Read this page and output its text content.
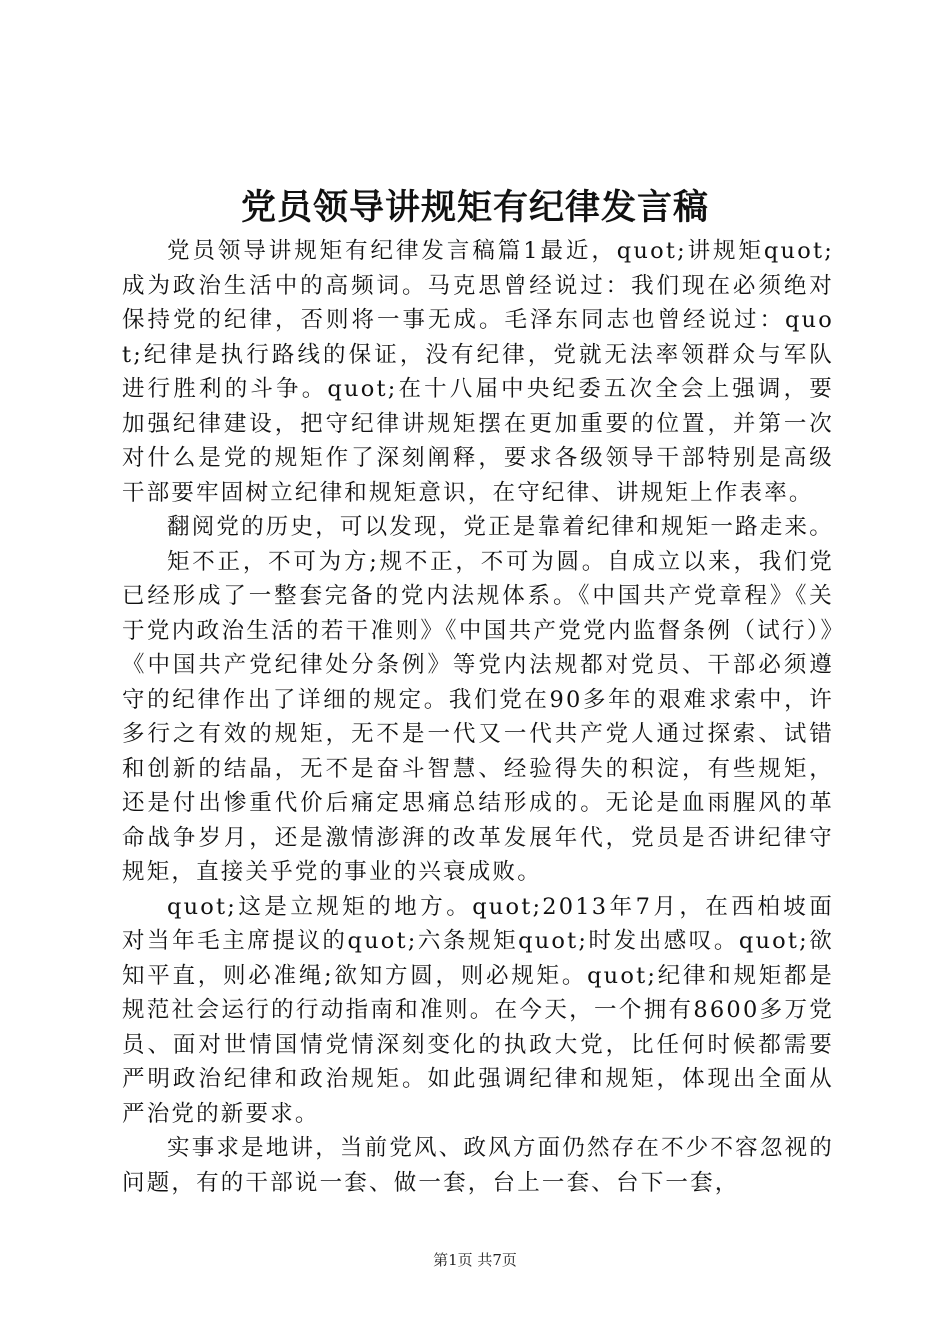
党员领导讲规矩有纪律发言稿

党员领导讲规矩有纪律发言稿篇1最近，quot;讲规矩quot;成为政治生活中的高频词。马克思曾经说过：我们现在必须绝对保持党的纪律，否则将一事无成。毛泽东同志也曾经说过：quot;纪律是执行路线的保证，没有纪律，党就无法率领群众与军队进行胜利的斗争。quot;在十八届中央纪委五次全会上强调，要加强纪律建设，把守纪律讲规矩摆在更加重要的位置，并第一次对什么是党的规矩作了深刻阐释，要求各级领导干部特别是高级干部要牢固树立纪律和规矩意识，在守纪律、讲规矩上作表率。

翻阅党的历史，可以发现，党正是靠着纪律和规矩一路走来。

矩不正，不可为方;规不正，不可为圆。自成立以来，我们党已经形成了一整套完备的党内法规体系。《中国共产党章程》《关于党内政治生活的若干准则》《中国共产党党内监督条例（试行）》《中国共产党纪律处分条例》等党内法规都对党员、干部必须遵守的纪律作出了详细的规定。我们党在90多年的艰难求索中，许多行之有效的规矩，无不是一代又一代共产党人通过探索、试错和创新的结晶，无不是奋斗智慧、经验得失的积淀，有些规矩，还是付出惨重代价后痛定思痛总结形成的。无论是血雨腥风的革命战争岁月，还是激情澎湃的改革发展年代，党员是否讲纪律守规矩，直接关乎党的事业的兴衰成败。

quot;这是立规矩的地方。quot;2013年7月，在西柏坡面对当年毛主席提议的quot;六条规矩quot;时发出感叹。quot;欲知平直，则必准绳;欲知方圆，则必规矩。quot;纪律和规矩都是规范社会运行的行动指南和准则。在今天，一个拥有8600多万党员、面对世情国情党情深刻变化的执政大党，比任何时候都需要严明政治纪律和政治规矩。如此强调纪律和规矩，体现出全面从严治党的新要求。

实事求是地讲，当前党风、政风方面仍然存在不少不容忽视的问题，有的干部说一套、做一套，台上一套、台下一套，

第1页 共7页
